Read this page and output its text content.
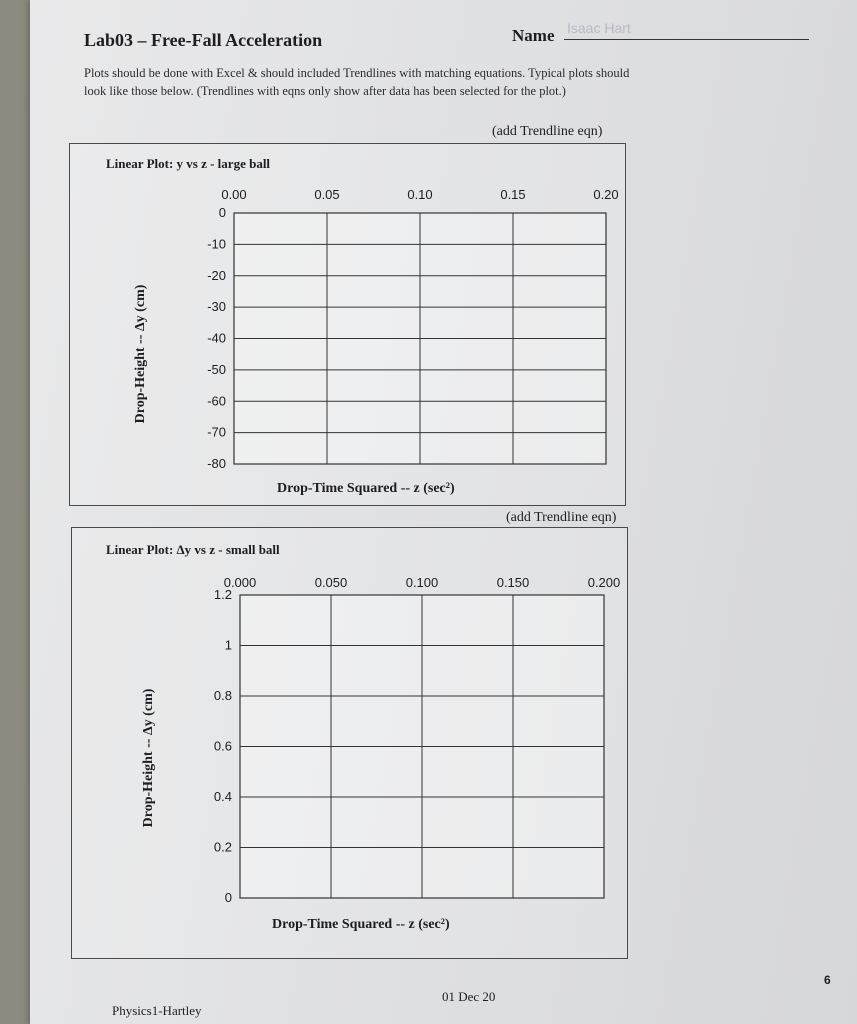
Lab03 – Free-Fall Acceleration	Name Isaac Hart
Plots should be done with Excel & should included Trendlines with matching equations. Typical plots should
look like those below. (Trendlines with eqns only show after data has been selected for the plot.)
(add Trendline eqn)
Linear Plot: y vs z - large ball
0.00	0.05	0.10	0.15	0.20
0
-10
-20
-30
-40
-50
-60
-70
-80
Drop-Time Squared -- z (sec²)
Drop-Height -- Δy (cm)
(add Trendline eqn)
Linear Plot: Δy vs z - small ball
0.000	0.050	0.100	0.150	0.200
1.2
1
0.8
0.6
0.4
0.2
0
Drop-Time Squared -- z (sec²)
Drop-Height -- Δy (cm)
Physics1-Hartley
01 Dec 20
6
